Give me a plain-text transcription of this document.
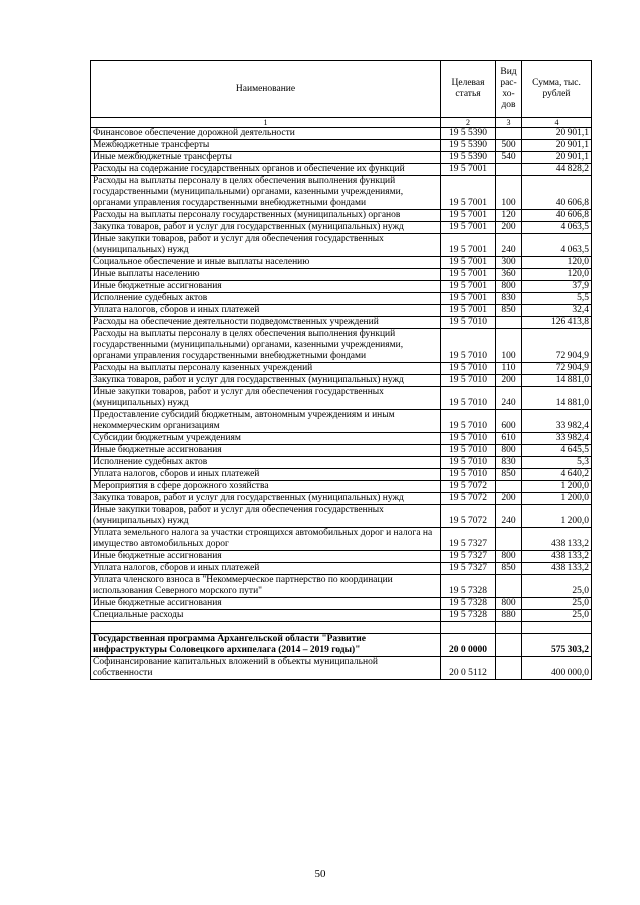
Наименование	Целевая статья	Вид рас-хо-дов	Сумма, тыс. рублей
1	2	3	4
Финансовое обеспечение дорожной деятельности	19 5 5390		20 901,1
Межбюджетные трансферты	19 5 5390	500	20 901,1
Иные межбюджетные трансферты	19 5 5390	540	20 901,1
Расходы на содержание государственных органов и обеспечение их функций	19 5 7001		44 828,2
Расходы на выплаты персоналу в целях обеспечения выполнения функций государственными (муниципальными) органами, казенными учреждениями, органами управления государственными внебюджетными фондами	19 5 7001	100	40 606,8
Расходы на выплаты персоналу государственных (муниципальных) органов	19 5 7001	120	40 606,8
Закупка товаров, работ и услуг для государственных (муниципальных) нужд	19 5 7001	200	4 063,5
Иные закупки товаров, работ и услуг для обеспечения государственных (муниципальных) нужд	19 5 7001	240	4 063,5
Социальное обеспечение и иные выплаты населению	19 5 7001	300	120,0
Иные выплаты населению	19 5 7001	360	120,0
Иные бюджетные ассигнования	19 5 7001	800	37,9
Исполнение судебных актов	19 5 7001	830	5,5
Уплата налогов, сборов и иных платежей	19 5 7001	850	32,4
Расходы на обеспечение деятельности подведомственных учреждений	19 5 7010		126 413,8
Расходы на выплаты персоналу в целях обеспечения выполнения функций государственными (муниципальными) органами, казенными учреждениями, органами управления государственными внебюджетными фондами	19 5 7010	100	72 904,9
Расходы на выплаты персоналу казенных учреждений	19 5 7010	110	72 904,9
Закупка товаров, работ и услуг для государственных (муниципальных) нужд	19 5 7010	200	14 881,0
Иные закупки товаров, работ и услуг для обеспечения государственных (муниципальных) нужд	19 5 7010	240	14 881,0
Предоставление субсидий бюджетным, автономным учреждениям и иным некоммерческим организациям	19 5 7010	600	33 982,4
Субсидии бюджетным учреждениям	19 5 7010	610	33 982,4
Иные бюджетные ассигнования	19 5 7010	800	4 645,5
Исполнение судебных актов	19 5 7010	830	5,3
Уплата налогов, сборов и иных платежей	19 5 7010	850	4 640,2
Мероприятия в сфере дорожного хозяйства	19 5 7072		1 200,0
Закупка товаров, работ и услуг для государственных (муниципальных) нужд	19 5 7072	200	1 200,0
Иные закупки товаров, работ и услуг для обеспечения государственных (муниципальных) нужд	19 5 7072	240	1 200,0
Уплата земельного налога за участки строящихся автомобильных дорог и налога на имущество автомобильных дорог	19 5 7327		438 133,2
Иные бюджетные ассигнования	19 5 7327	800	438 133,2
Уплата налогов, сборов и иных платежей	19 5 7327	850	438 133,2
Уплата членского взноса в "Некоммерческое партнерство по координации использования Северного морского пути"	19 5 7328		25,0
Иные бюджетные ассигнования	19 5 7328	800	25,0
Специальные расходы	19 5 7328	880	25,0

Государственная программа Архангельской области "Развитие инфраструктуры Соловецкого архипелага (2014 – 2019 годы)"	20 0 0000		575 303,2
Софинансирование капитальных вложений в объекты муниципальной собственности	20 0 5112		400 000,0
50
